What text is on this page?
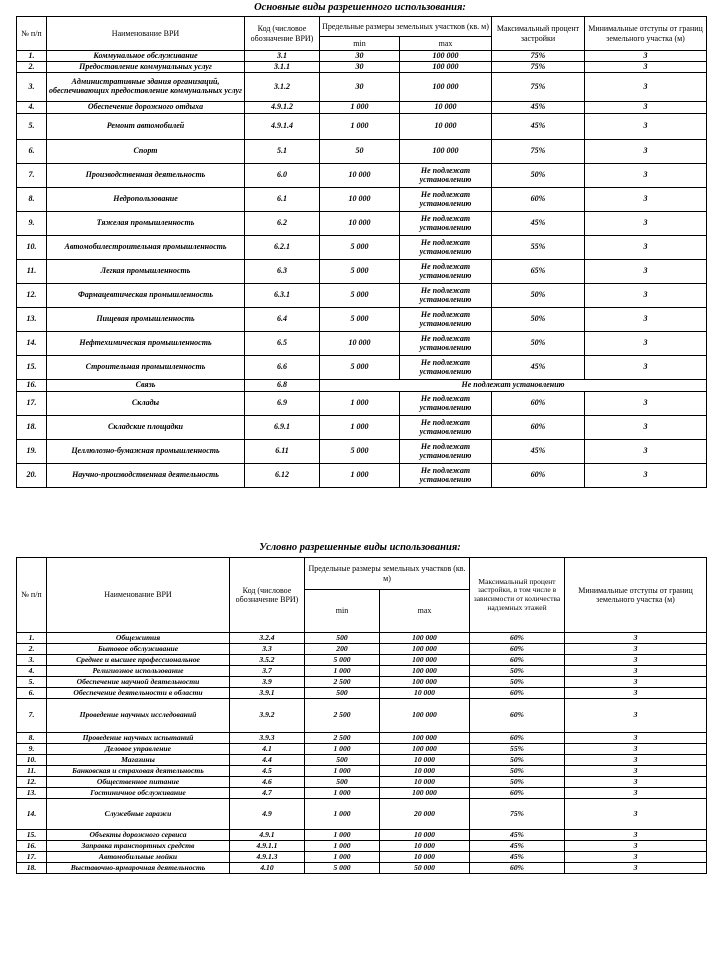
Основные виды разрешенного использования:
№ п/п	Наименование ВРИ	Код (числовое обозначение ВРИ)	Предельные размеры земельных участков (кв. м)		Максимальный процент застройки	Минимальные отступы от границ земельного участка (м)
			min	max		
1.	Коммунальное обслуживание	3.1	30	100 000	75%	3
2.	Предоставление коммунальных услуг	3.1.1	30	100 000	75%	3
3.	Административные здания организаций, обеспечивающих предоставление коммунальных услуг	3.1.2	30	100 000	75%	3
4.	Обеспечение дорожного отдыха	4.9.1.2	1 000	10 000	45%	3
5.	Ремонт автомобилей	4.9.1.4	1 000	10 000	45%	3
6.	Спорт	5.1	50	100 000	75%	3
7.	Производственная деятельность	6.0	10 000	Не подлежат установлению	50%	3
8.	Недропользование	6.1	10 000	Не подлежат установлению	60%	3
9.	Тяжелая промышленность	6.2	10 000	Не подлежат установлению	45%	3
10.	Автомобилестроительная промышленность	6.2.1	5 000	Не подлежат установлению	55%	3
11.	Легкая промышленность	6.3	5 000	Не подлежат установлению	65%	3
12.	Фармацевтическая промышленность	6.3.1	5 000	Не подлежат установлению	50%	3
13.	Пищевая промышленность	6.4	5 000	Не подлежат установлению	50%	3
14.	Нефтехимическая промышленность	6.5	10 000	Не подлежат установлению	50%	3
15.	Строительная промышленность	6.6	5 000	Не подлежат установлению	45%	3
16.	Связь	6.8	Не подлежат установлению			
17.	Склады	6.9	1 000	Не подлежат установлению	60%	3
18.	Складские площадки	6.9.1	1 000	Не подлежат установлению	60%	3
19.	Целлюлозно-бумажная промышленность	6.11	5 000	Не подлежат установлению	45%	3
20.	Научно-производственная деятельность	6.12	1 000	Не подлежат установлению	60%	3
Условно разрешенные виды использования:
№ п/п	Наименование ВРИ	Код (числовое обозначение ВРИ)	Предельные размеры земельных участков (кв. м)		Максимальный процент застройки, в том числе в зависимости от количества надземных этажей	Минимальные отступы от границ земельного участка (м)
			min	max		
1.	Общежития	3.2.4	500	100 000	60%	3
2.	Бытовое обслуживание	3.3	200	100 000	60%	3
3.	Среднее и высшее профессиональное	3.5.2	5 000	100 000	60%	3
4.	Религиозное использование	3.7	1 000	100 000	50%	3
5.	Обеспечение научной деятельности	3.9	2 500	100 000	50%	3
6.	Обеспечение деятельности в области	3.9.1	500	10 000	60%	3
7.	Проведение научных исследований	3.9.2	2 500	100 000	60%	3
8.	Проведение научных испытаний	3.9.3	2 500	100 000	60%	3
9.	Деловое управление	4.1	1 000	100 000	55%	3
10.	Магазины	4.4	500	10 000	50%	3
11.	Банковская и страховая деятельность	4.5	1 000	10 000	50%	3
12.	Общественное питание	4.6	500	10 000	50%	3
13.	Гостиничное обслуживание	4.7	1 000	100 000	60%	3
14.	Служебные гаражи	4.9	1 000	20 000	75%	3
15.	Объекты дорожного сервиса	4.9.1	1 000	10 000	45%	3
16.	Заправка транспортных средств	4.9.1.1	1 000	10 000	45%	3
17.	Автомобильные мойки	4.9.1.3	1 000	10 000	45%	3
18.	Выставочно-ярмарочная деятельность	4.10	5 000	50 000	60%	3
